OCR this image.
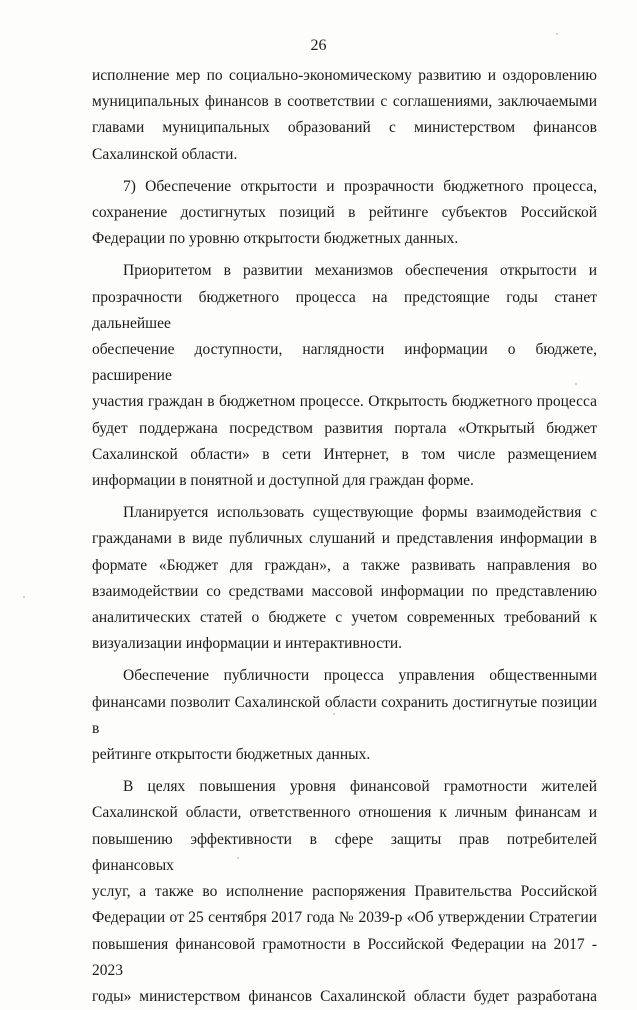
26

исполнение мер по социально-экономическому развитию и оздоровлению

муниципальных финансов в соответствии с соглашениями, заключаемыми

главами муниципальных образований с министерством финансов

Сахалинской области.

7) Обеспечение открытости и прозрачности бюджетного процесса,

сохранение достигнутых позиций в рейтинге субъектов Российской

Федерации по уровню открытости бюджетных данных.

Приоритетом в развитии механизмов обеспечения открытости и

прозрачности бюджетного процесса на предстоящие годы станет дальнейшее

обеспечение доступности, наглядности информации о бюджете, расширение

участия граждан в бюджетном процессе. Открытость бюджетного процесса

будет поддержана посредством развития портала «Открытый бюджет

Сахалинской области» в сети Интернет, в том числе размещением

информации в понятной и доступной для граждан форме.

Планируется использовать существующие формы взаимодействия с

гражданами в виде публичных слушаний и представления информации в

формате «Бюджет для граждан», а также развивать направления во

взаимодействии со средствами массовой информации по представлению

аналитических статей о бюджете с учетом современных требований к

визуализации информации и интерактивности.

Обеспечение публичности процесса управления общественными

финансами позволит Сахалинской области сохранить достигнутые позиции в

рейтинге открытости бюджетных данных.

В целях повышения уровня финансовой грамотности жителей

Сахалинской области, ответственного отношения к личным финансам и

повышению эффективности в сфере защиты прав потребителей финансовых

услуг, а также во исполнение распоряжения Правительства Российской

Федерации от 25 сентября 2017 года № 2039-р «Об утверждении Стратегии

повышения финансовой грамотности в Российской Федерации на 2017 - 2023

годы» министерством финансов Сахалинской области будет разработана
